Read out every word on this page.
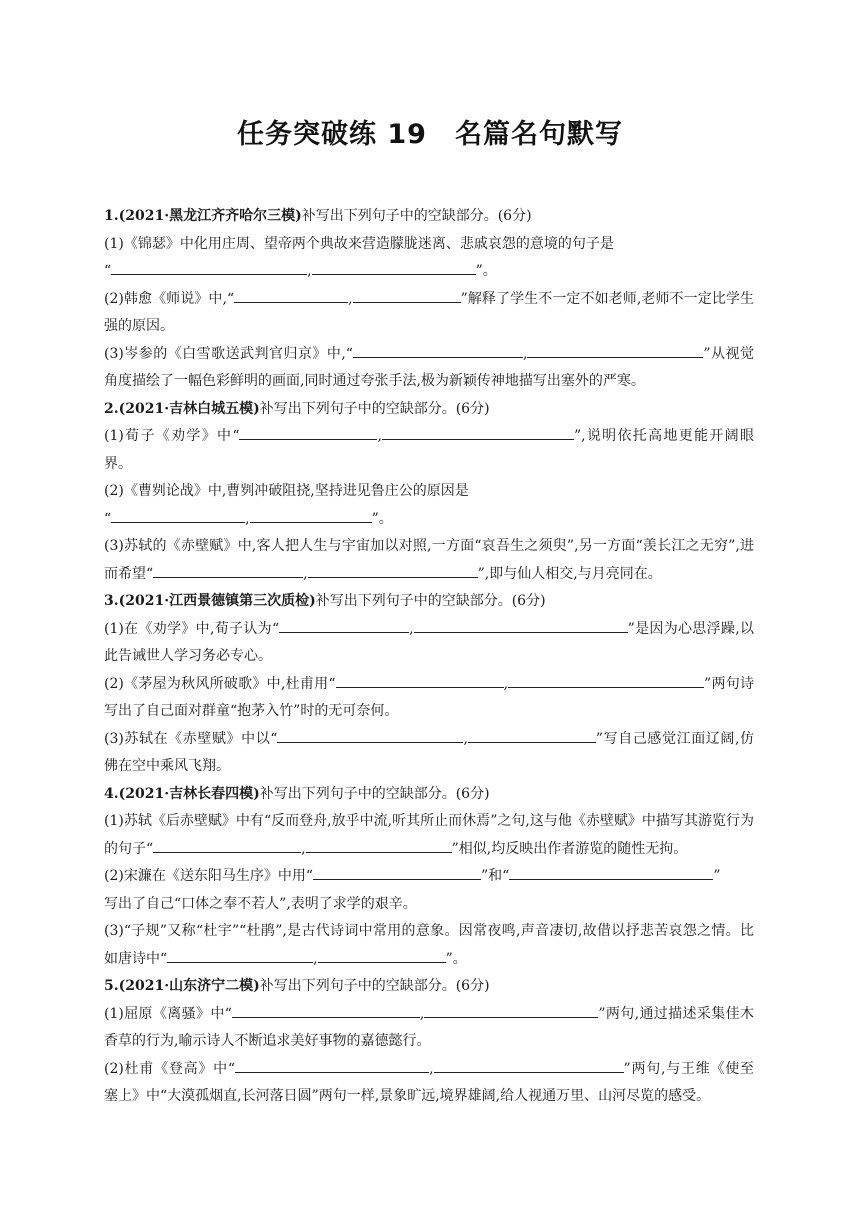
任务突破练 19　名篇名句默写

1.(2021·黑龙江齐齐哈尔三模)补写出下列句子中的空缺部分。(6分)

(1)《锦瑟》中化用庄周、望帝两个典故来营造朦胧迷离、悲戚哀怨的意境的句子是
“	,	”。

(2)韩愈《师说》中,“	,	”解释了学生不一定不如老师,老师不一定比学生强的原因。

(3)岑参的《白雪歌送武判官归京》中,“	,	”从视觉角度描绘了一幅色彩鲜明的画面,同时通过夸张手法,极为新颖传神地描写出塞外的严寒。

2.(2021·吉林白城五模)补写出下列句子中的空缺部分。(6分)

(1)荀子《劝学》中“	,	”,说明依托高地更能开阔眼界。

(2)《曹刿论战》中,曹刿冲破阻挠,坚持进见鲁庄公的原因是
“	,	”。

(3)苏轼的《赤壁赋》中,客人把人生与宇宙加以对照,一方面“哀吾生之须臾”,另一方面“羡长江之无穷”,进而希望“	,	”,即与仙人相交,与月亮同在。

3.(2021·江西景德镇第三次质检)补写出下列句子中的空缺部分。(6分)

(1)在《劝学》中,荀子认为“	,	”是因为心思浮躁,以此告诫世人学习务必专心。

(2)《茅屋为秋风所破歌》中,杜甫用“	,	”两句诗写出了自己面对群童“抱茅入竹”时的无可奈何。

(3)苏轼在《赤壁赋》中以“	,	”写自己感觉江面辽阔,仿佛在空中乘风飞翔。

4.(2021·吉林长春四模)补写出下列句子中的空缺部分。(6分)

(1)苏轼《后赤壁赋》中有“反而登舟,放乎中流,听其所止而休焉”之句,这与他《赤壁赋》中描写其游览行为的句子“	,	”相似,均反映出作者游览的随性无拘。

(2)宋濂在《送东阳马生序》中用“	”和“	”
写出了自己“口体之奉不若人”,表明了求学的艰辛。

(3)“子规”又称“杜宇”“杜鹃”,是古代诗词中常用的意象。因常夜鸣,声音凄切,故借以抒悲苦哀怨之情。比如唐诗中“	,	”。

5.(2021·山东济宁二模)补写出下列句子中的空缺部分。(6分)

(1)屈原《离骚》中“	,	”两句,通过描述采集佳木香草的行为,喻示诗人不断追求美好事物的嘉德懿行。

(2)杜甫《登高》中“	,	”两句,与王维《使至塞上》中“大漠孤烟直,长河落日圆”两句一样,景象旷远,境界雄阔,给人视通万里、山河尽览的感受。
